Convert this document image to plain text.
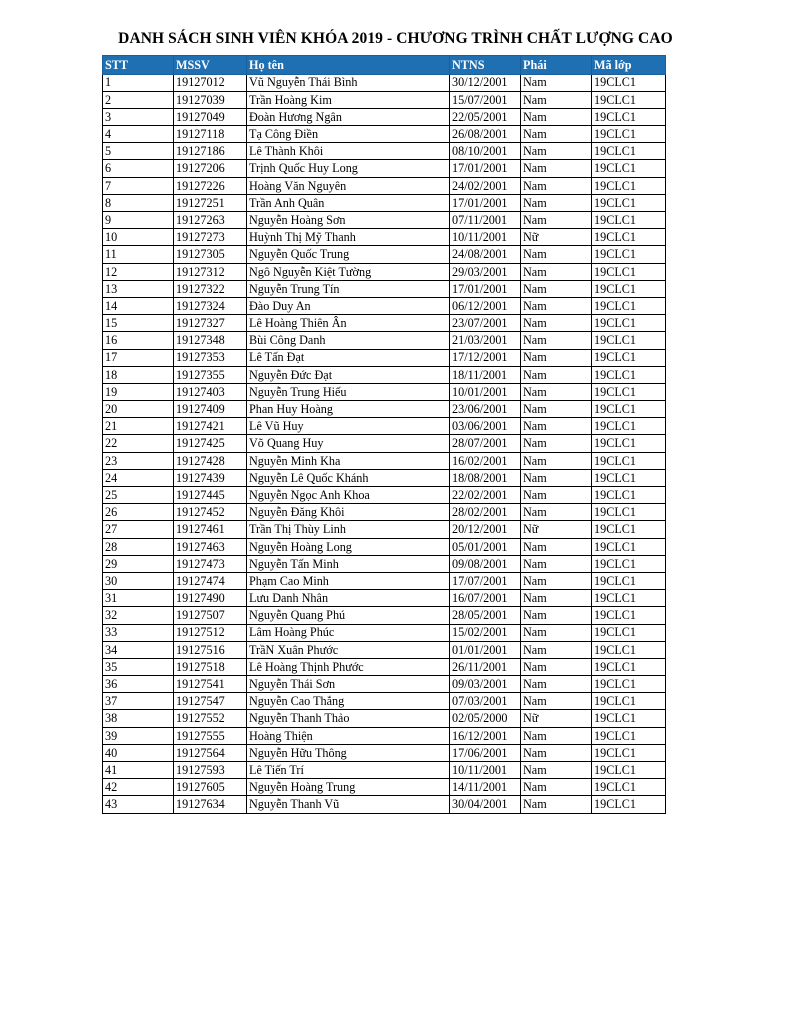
DANH SÁCH SINH VIÊN KHÓA 2019 - CHƯƠNG TRÌNH CHẤT LƯỢNG CAO
STT	MSSV	Họ tên	NTNS	Phái	Mã lớp
1	19127012	Vũ Nguyễn Thái Bình	30/12/2001	Nam	19CLC1
2	19127039	Trần Hoàng Kim	15/07/2001	Nam	19CLC1
3	19127049	Đoàn Hương Ngân	22/05/2001	Nam	19CLC1
4	19127118	Tạ Công Điền	26/08/2001	Nam	19CLC1
5	19127186	Lê Thành Khôi	08/10/2001	Nam	19CLC1
6	19127206	Trịnh Quốc Huy Long	17/01/2001	Nam	19CLC1
7	19127226	Hoàng Văn Nguyên	24/02/2001	Nam	19CLC1
8	19127251	Trần Anh Quân	17/01/2001	Nam	19CLC1
9	19127263	Nguyễn Hoàng Sơn	07/11/2001	Nam	19CLC1
10	19127273	Huỳnh Thị Mỹ Thanh	10/11/2001	Nữ	19CLC1
11	19127305	Nguyễn Quốc Trung	24/08/2001	Nam	19CLC1
12	19127312	Ngô Nguyễn Kiệt Tường	29/03/2001	Nam	19CLC1
13	19127322	Nguyễn Trung Tín	17/01/2001	Nam	19CLC1
14	19127324	Đào Duy An	06/12/2001	Nam	19CLC1
15	19127327	Lê Hoàng Thiên Ân	23/07/2001	Nam	19CLC1
16	19127348	Bùi Công Danh	21/03/2001	Nam	19CLC1
17	19127353	Lê Tấn Đạt	17/12/2001	Nam	19CLC1
18	19127355	Nguyễn Đức Đạt	18/11/2001	Nam	19CLC1
19	19127403	Nguyễn Trung Hiếu	10/01/2001	Nam	19CLC1
20	19127409	Phan Huy Hoàng	23/06/2001	Nam	19CLC1
21	19127421	Lê Vũ Huy	03/06/2001	Nam	19CLC1
22	19127425	Võ Quang Huy	28/07/2001	Nam	19CLC1
23	19127428	Nguyễn Minh Kha	16/02/2001	Nam	19CLC1
24	19127439	Nguyễn Lê Quốc Khánh	18/08/2001	Nam	19CLC1
25	19127445	Nguyễn Ngọc Anh Khoa	22/02/2001	Nam	19CLC1
26	19127452	Nguyễn Đăng Khôi	28/02/2001	Nam	19CLC1
27	19127461	Trần Thị Thùy Linh	20/12/2001	Nữ	19CLC1
28	19127463	Nguyễn Hoàng Long	05/01/2001	Nam	19CLC1
29	19127473	Nguyễn Tấn Minh	09/08/2001	Nam	19CLC1
30	19127474	Phạm Cao Minh	17/07/2001	Nam	19CLC1
31	19127490	Lưu Danh Nhân	16/07/2001	Nam	19CLC1
32	19127507	Nguyễn Quang Phú	28/05/2001	Nam	19CLC1
33	19127512	Lâm Hoàng Phúc	15/02/2001	Nam	19CLC1
34	19127516	TrầN Xuân Phước	01/01/2001	Nam	19CLC1
35	19127518	Lê Hoàng Thịnh Phước	26/11/2001	Nam	19CLC1
36	19127541	Nguyễn Thái Sơn	09/03/2001	Nam	19CLC1
37	19127547	Nguyễn Cao Thắng	07/03/2001	Nam	19CLC1
38	19127552	Nguyễn Thanh Thảo	02/05/2000	Nữ	19CLC1
39	19127555	Hoàng Thiện	16/12/2001	Nam	19CLC1
40	19127564	Nguyễn Hữu Thông	17/06/2001	Nam	19CLC1
41	19127593	Lê Tiến Trí	10/11/2001	Nam	19CLC1
42	19127605	Nguyễn Hoàng Trung	14/11/2001	Nam	19CLC1
43	19127634	Nguyễn Thanh Vũ	30/04/2001	Nam	19CLC1
